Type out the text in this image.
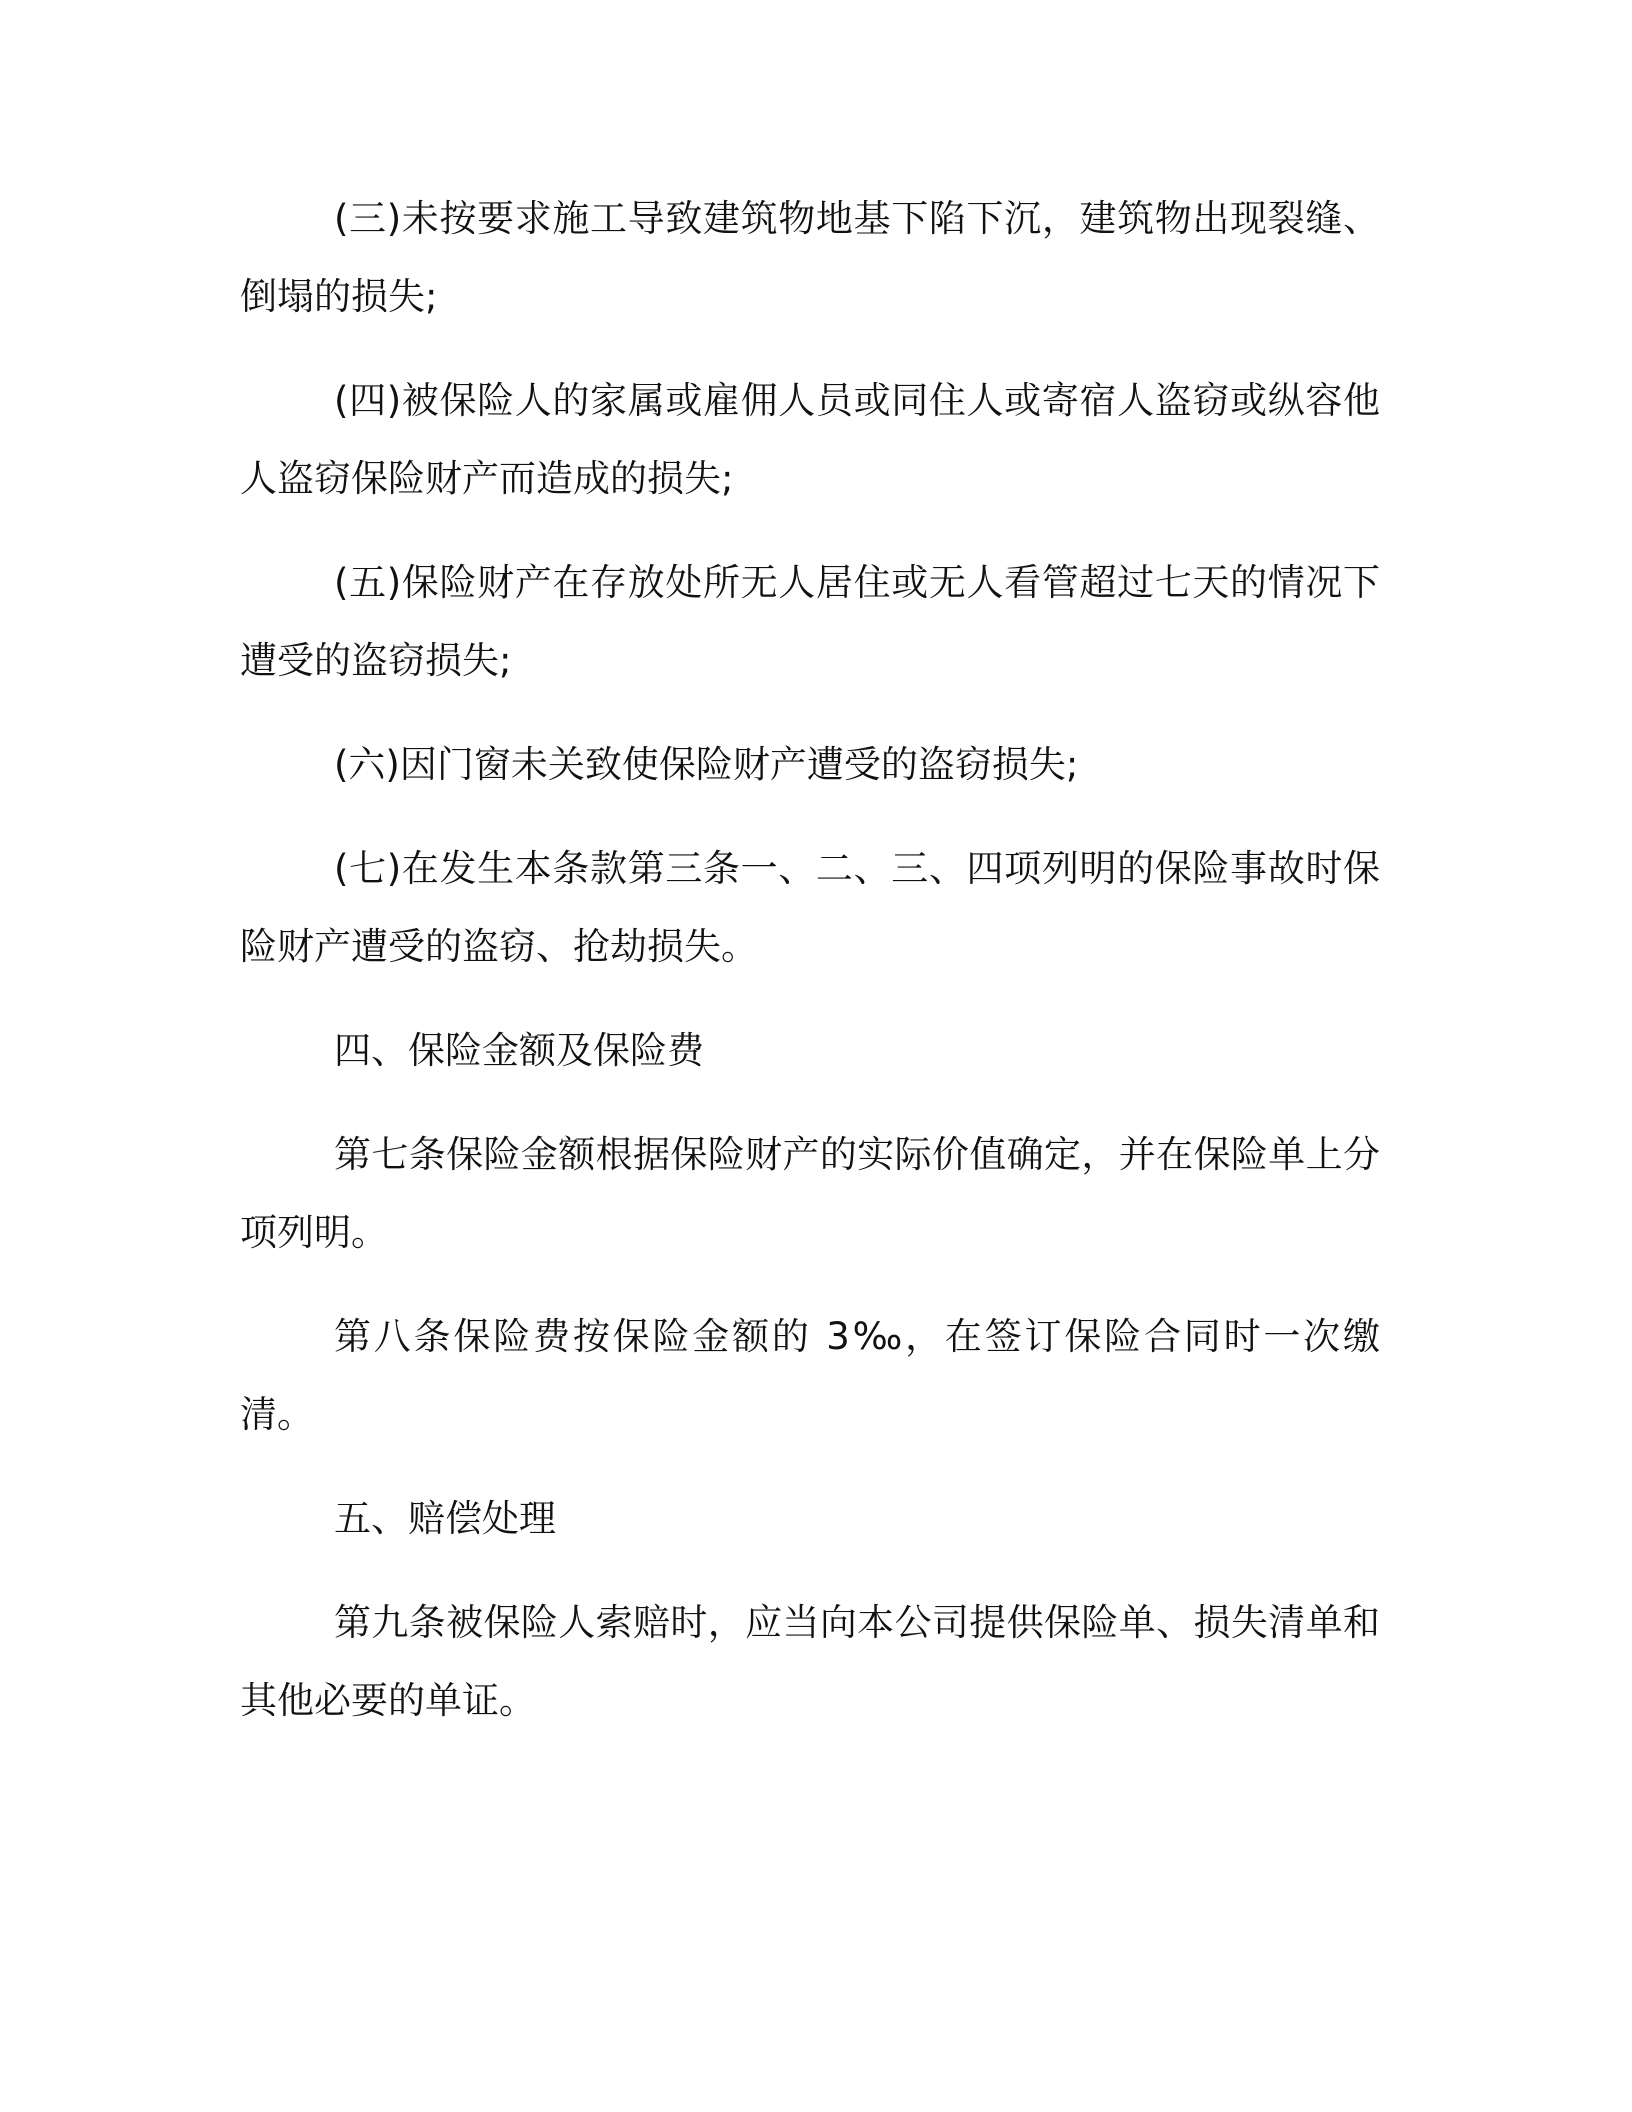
(三)未按要求施工导致建筑物地基下陷下沉，建筑物出现裂缝、倒塌的损失;

(四)被保险人的家属或雇佣人员或同住人或寄宿人盗窃或纵容他人盗窃保险财产而造成的损失;

(五)保险财产在存放处所无人居住或无人看管超过七天的情况下遭受的盗窃损失;

(六)因门窗未关致使保险财产遭受的盗窃损失;

(七)在发生本条款第三条一、二、三、四项列明的保险事故时保险财产遭受的盗窃、抢劫损失。

四、保险金额及保险费

第七条保险金额根据保险财产的实际价值确定，并在保险单上分项列明。

第八条保险费按保险金额的 3‰，在签订保险合同时一次缴清。

五、赔偿处理

第九条被保险人索赔时，应当向本公司提供保险单、损失清单和其他必要的单证。
